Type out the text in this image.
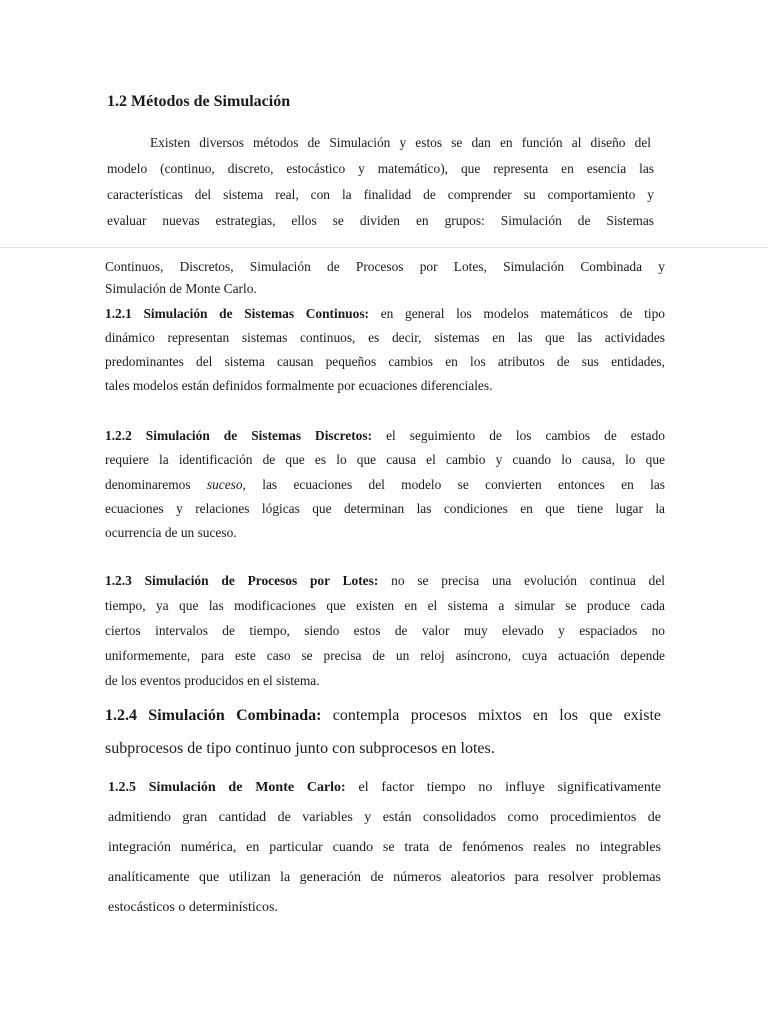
1.2 Métodos de Simulación
Existen diversos métodos de Simulación y estos se dan en función al diseño del
modelo (continuo, discreto, estocástico y matemático), que representa en esencia las
características del sistema real, con la finalidad de comprender su comportamiento y
evaluar nuevas estrategias, ellos se dividen en grupos: Simulación de Sistemas
Continuos, Discretos, Simulación de Procesos por Lotes, Simulación Combinada y
Simulación de Monte Carlo.
1.2.1 Simulación de Sistemas Continuos: en general los modelos matemáticos de tipo
dinámico representan sistemas continuos, es decir, sistemas en las que las actividades
predominantes del sistema causan pequeños cambios en los atributos de sus entidades,
tales modelos están definidos formalmente por ecuaciones diferenciales.
1.2.2 Simulación de Sistemas Discretos: el seguimiento de los cambios de estado
requiere la identificación de que es lo que causa el cambio y cuando lo causa, lo que
denominaremos suceso, las ecuaciones del modelo se convierten entonces en las
ecuaciones y relaciones lógicas que determinan las condiciones en que tiene lugar la
ocurrencia de un suceso.
1.2.3 Simulación de Procesos por Lotes: no se precisa una evolución continua del
tiempo, ya que las modificaciones que existen en el sistema a simular se produce cada
ciertos intervalos de tiempo, siendo estos de valor muy elevado y espaciados no
uniformemente, para este caso se precisa de un reloj asíncrono, cuya actuación depende
de los eventos producidos en el sistema.
1.2.4 Simulación Combinada: contempla procesos mixtos en los que existe
subprocesos de tipo continuo junto con subprocesos en lotes.
1.2.5 Simulación de Monte Carlo: el factor tiempo no influye significativamente
admitiendo gran cantidad de variables y están consolidados como procedimientos de
integración numérica, en particular cuando se trata de fenómenos reales no integrables
analíticamente que utilizan la generación de números aleatorios para resolver problemas
estocásticos o determinísticos.
